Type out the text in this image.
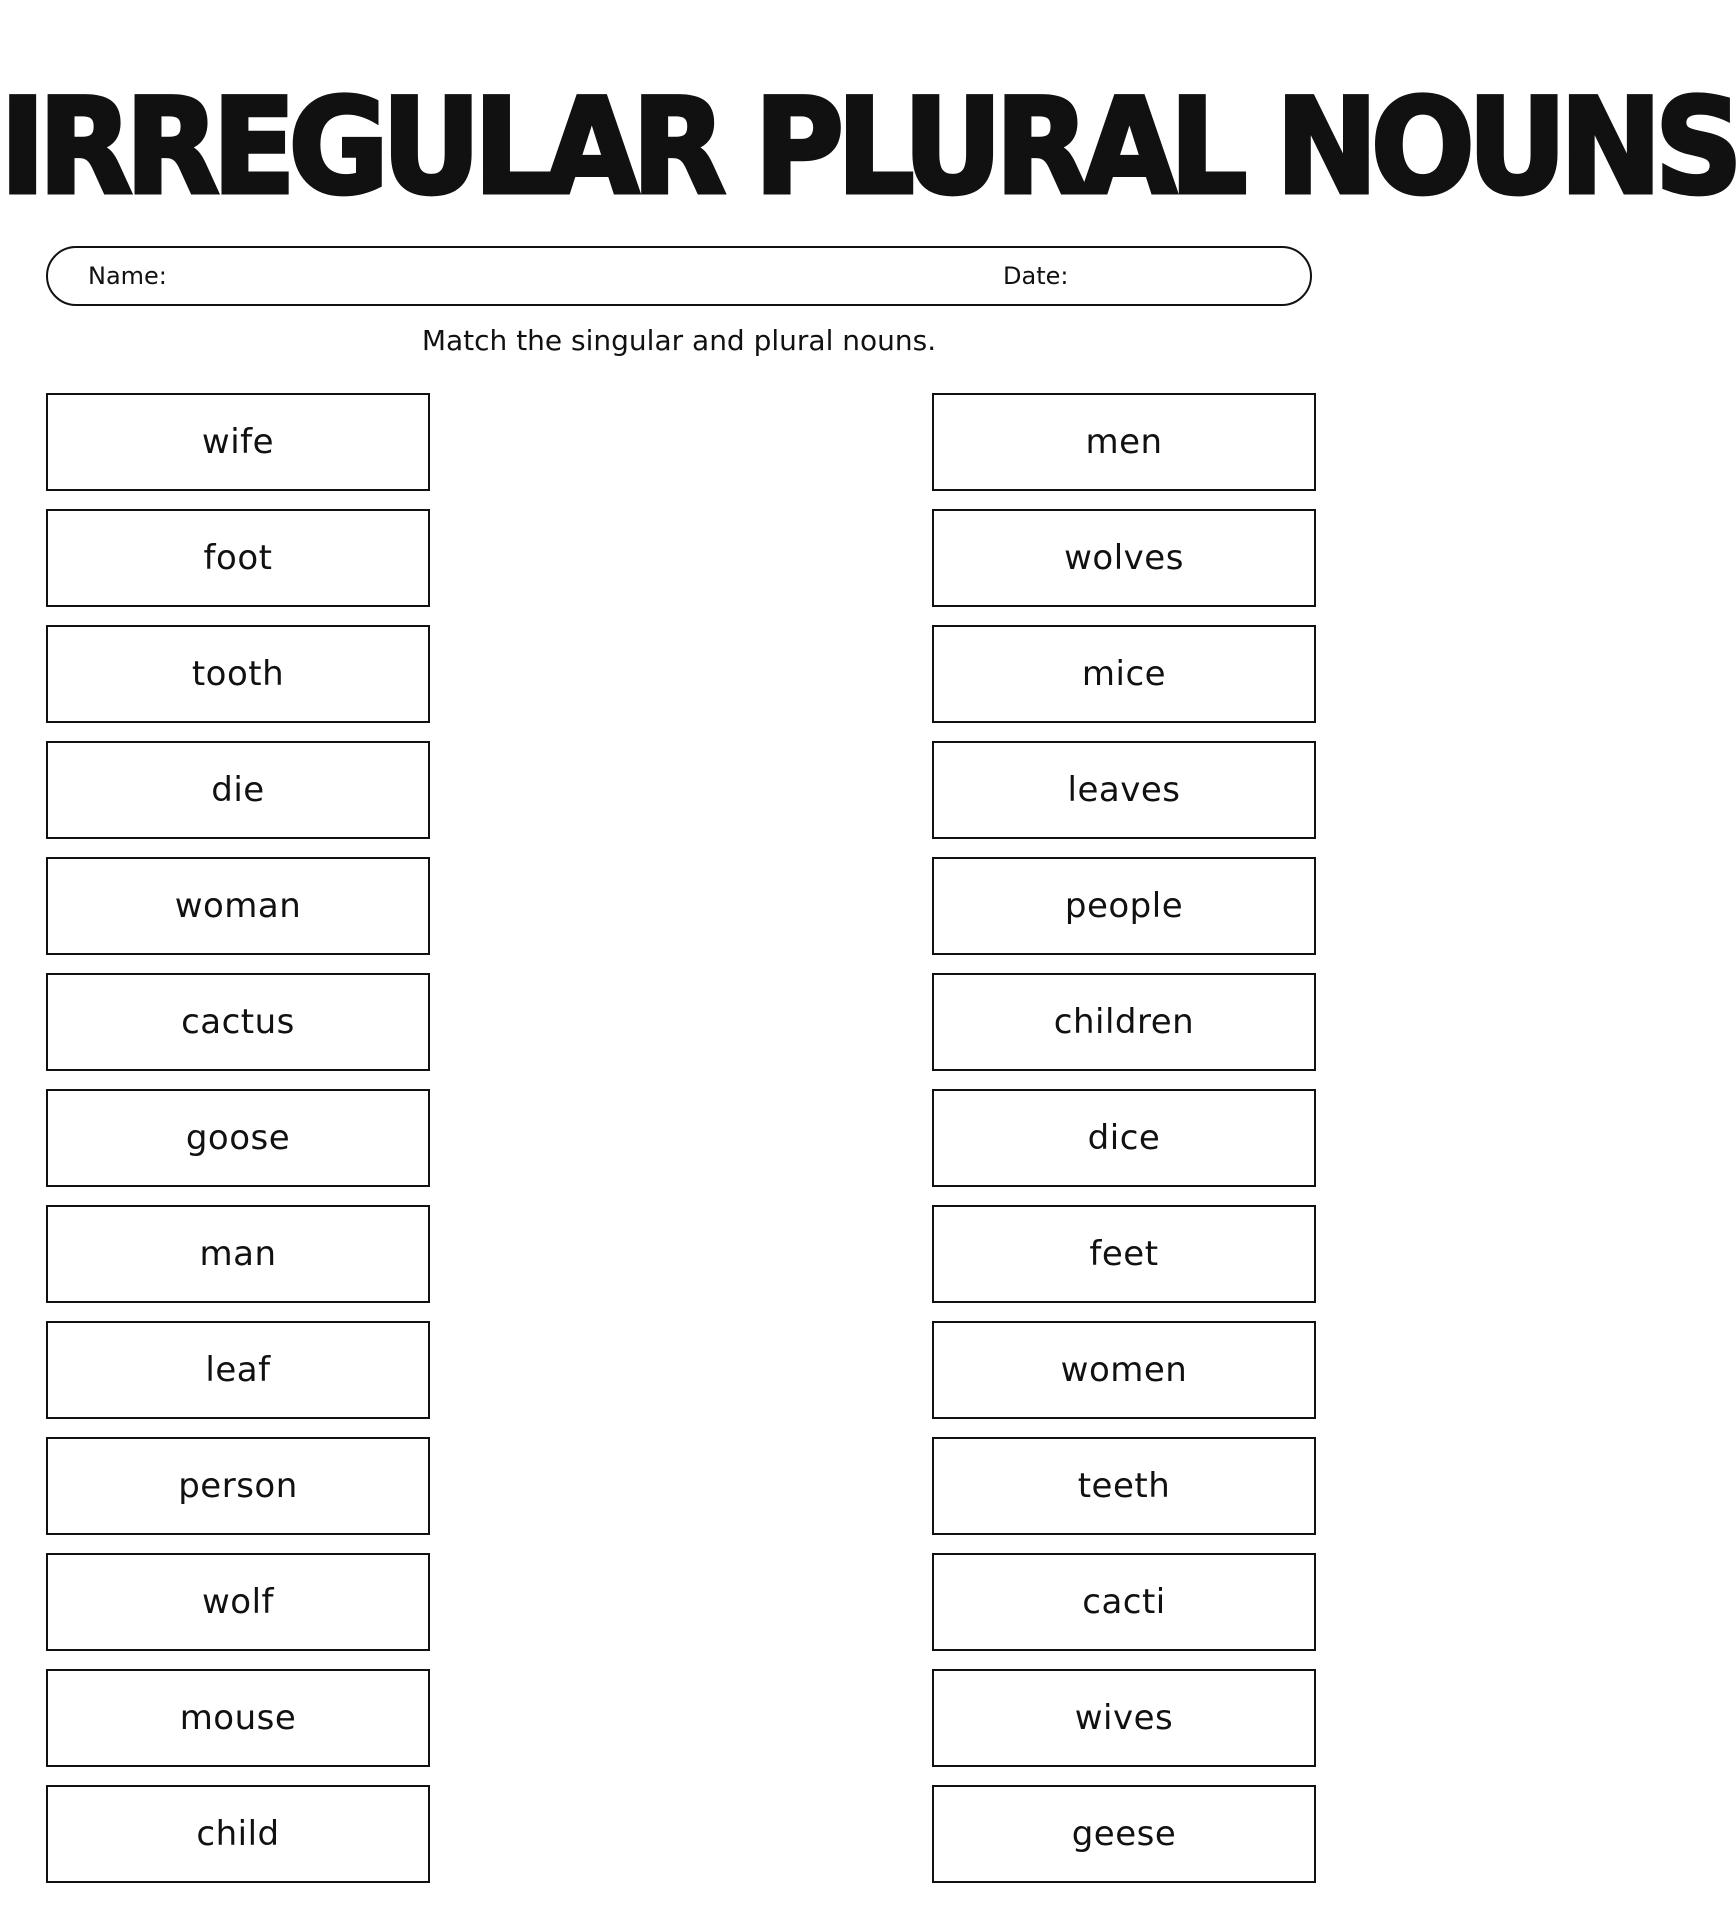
IRREGULAR PLURAL NOUNS
Name:	Date:
Match the singular and plural nouns.
wife
foot
tooth
die
woman
cactus
goose
man
leaf
person
wolf
mouse
child
men
wolves
mice
leaves
people
children
dice
feet
women
teeth
cacti
wives
geese
